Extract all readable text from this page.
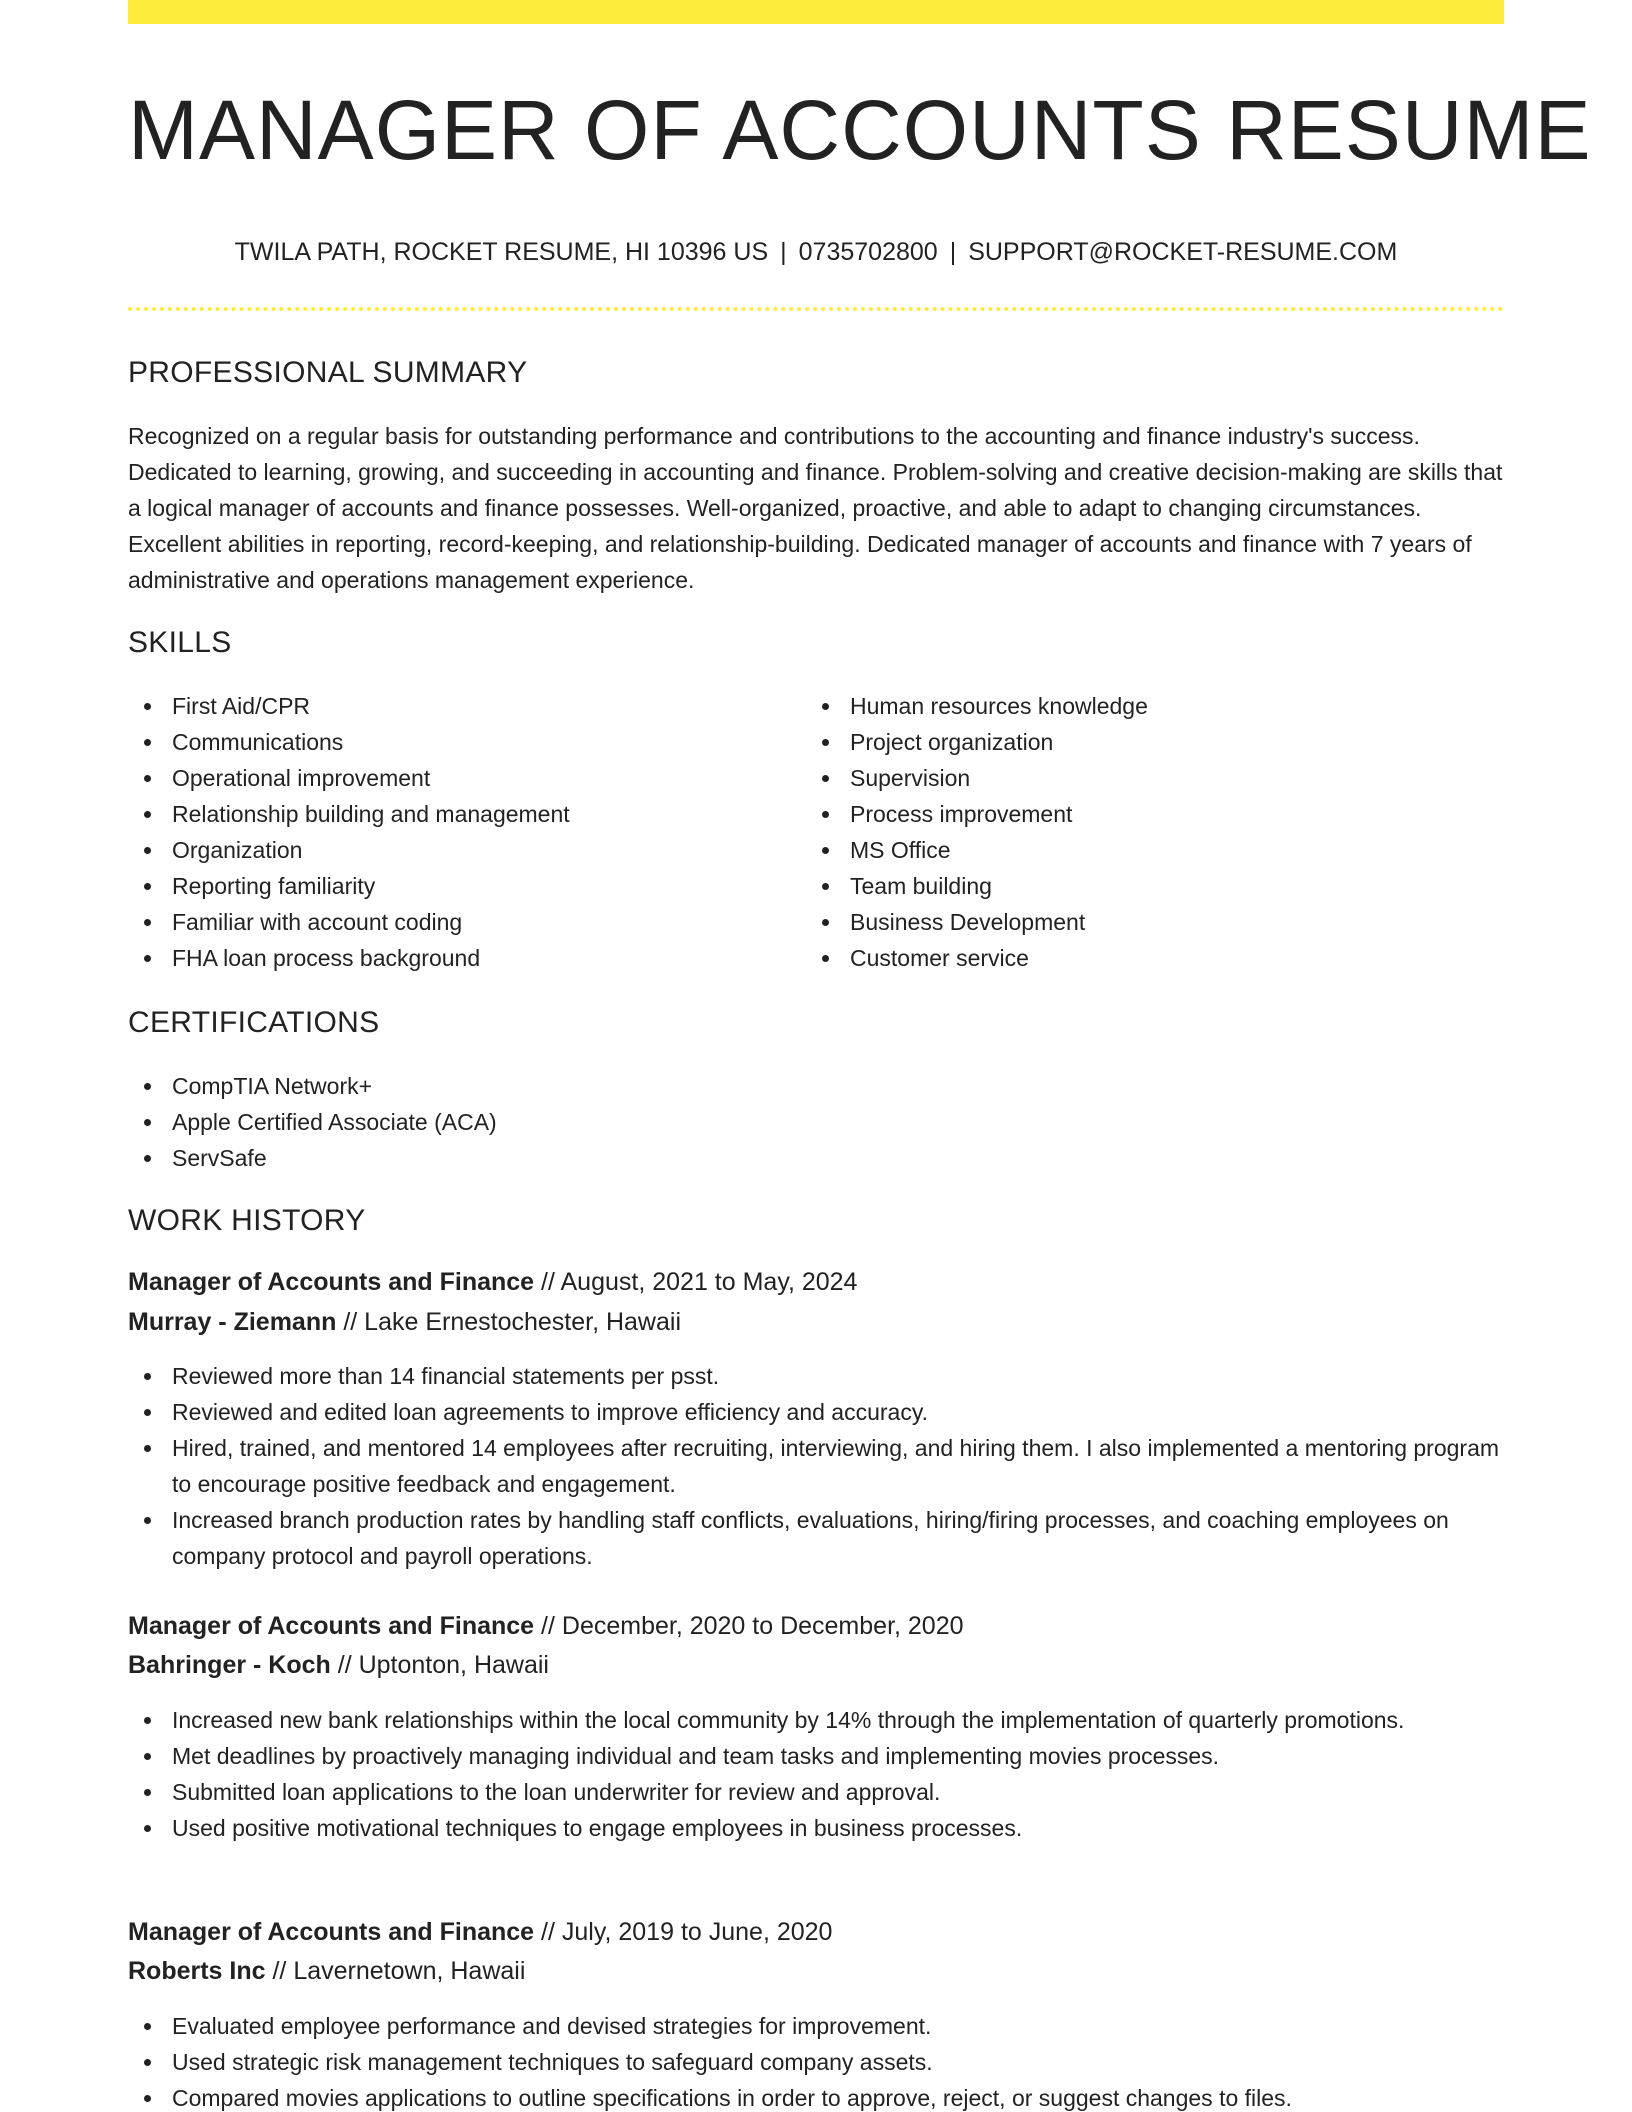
MANAGER OF ACCOUNTS RESUME
TWILA PATH, ROCKET RESUME, HI 10396 US | 0735702800 | SUPPORT@ROCKET-RESUME.COM
PROFESSIONAL SUMMARY

Recognized on a regular basis for outstanding performance and contributions to the accounting and finance industry's success. Dedicated to learning, growing, and succeeding in accounting and finance. Problem-solving and creative decision-making are skills that a logical manager of accounts and finance possesses. Well-organized, proactive, and able to adapt to changing circumstances. Excellent abilities in reporting, record-keeping, and relationship-building. Dedicated manager of accounts and finance with 7 years of administrative and operations management experience.

SKILLS
First Aid/CPR
Communications
Operational improvement
Relationship building and management
Organization
Reporting familiarity
Familiar with account coding
FHA loan process background
Human resources knowledge
Project organization
Supervision
Process improvement
MS Office
Team building
Business Development
Customer service
CERTIFICATIONS
CompTIA Network+
Apple Certified Associate (ACA)
ServSafe
WORK HISTORY
Manager of Accounts and Finance // August, 2021 to May, 2024
Murray - Ziemann // Lake Ernestochester, Hawaii
Reviewed more than 14 financial statements per psst.
Reviewed and edited loan agreements to improve efficiency and accuracy.
Hired, trained, and mentored 14 employees after recruiting, interviewing, and hiring them. I also implemented a mentoring program to encourage positive feedback and engagement.
Increased branch production rates by handling staff conflicts, evaluations, hiring/firing processes, and coaching employees on company protocol and payroll operations.
Manager of Accounts and Finance // December, 2020 to December, 2020
Bahringer - Koch // Uptonton, Hawaii
Increased new bank relationships within the local community by 14% through the implementation of quarterly promotions.
Met deadlines by proactively managing individual and team tasks and implementing movies processes.
Submitted loan applications to the loan underwriter for review and approval.
Used positive motivational techniques to engage employees in business processes.
Manager of Accounts and Finance // July, 2019 to June, 2020
Roberts Inc // Lavernetown, Hawaii
Evaluated employee performance and devised strategies for improvement.
Used strategic risk management techniques to safeguard company assets.
Compared movies applications to outline specifications in order to approve, reject, or suggest changes to files.
